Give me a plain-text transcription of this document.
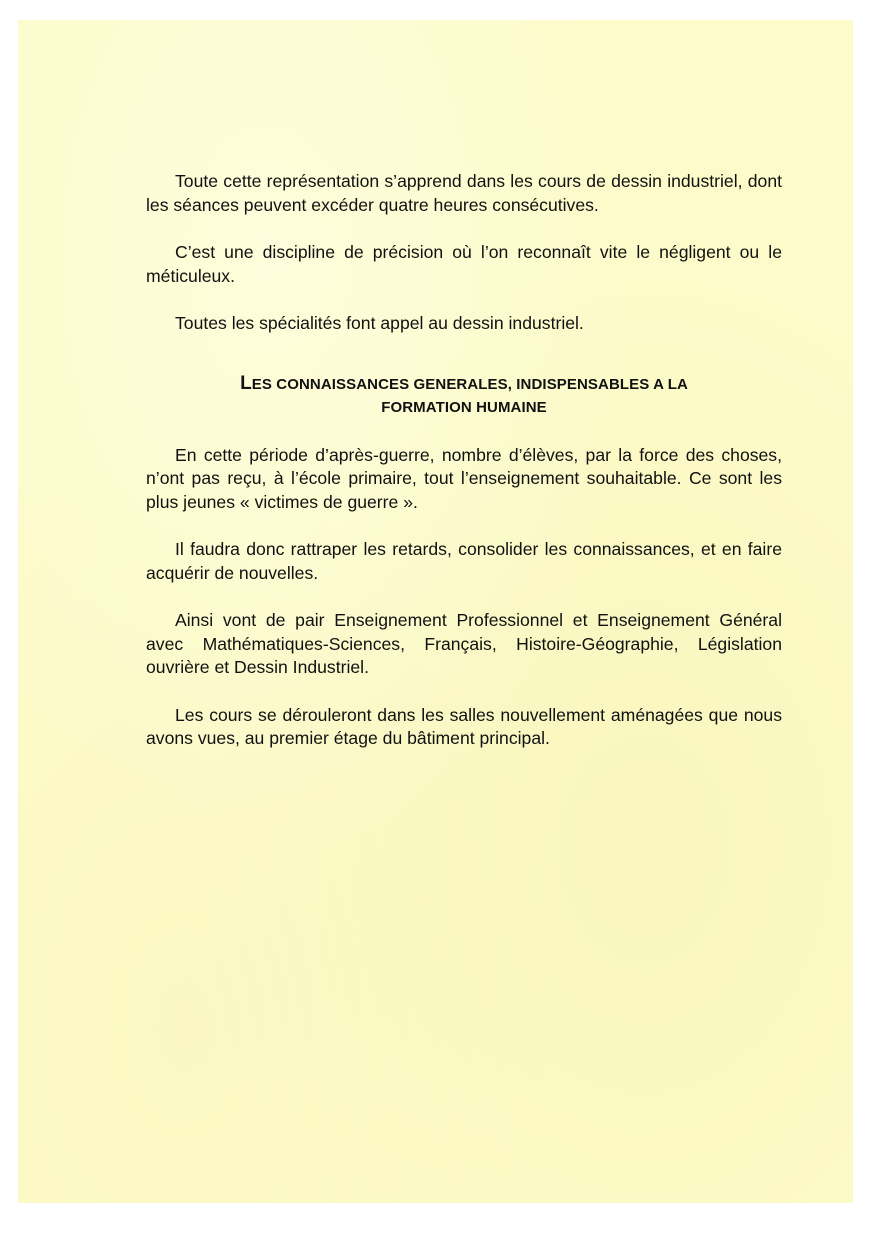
Toute cette représentation s’apprend dans les cours de dessin industriel, dont les séances peuvent excéder quatre heures consécutives.

C’est une discipline de précision où l’on reconnaît vite le négligent ou le méticuleux.

Toutes les spécialités font appel au dessin industriel.

LES CONNAISSANCES GENERALES, INDISPENSABLES A LA
FORMATION HUMAINE

En cette période d’après-guerre, nombre d’élèves, par la force des choses, n’ont pas reçu, à l’école primaire, tout l’enseignement souhaitable. Ce sont les plus jeunes « victimes de guerre ».

Il faudra donc rattraper les retards, consolider les connaissances, et en faire acquérir de nouvelles.

Ainsi vont de pair Enseignement Professionnel et Enseignement Général avec Mathématiques-Sciences, Français, Histoire-Géographie, Législation ouvrière et Dessin Industriel.

Les cours se dérouleront dans les salles nouvellement aménagées que nous avons vues, au premier étage du bâtiment principal.
